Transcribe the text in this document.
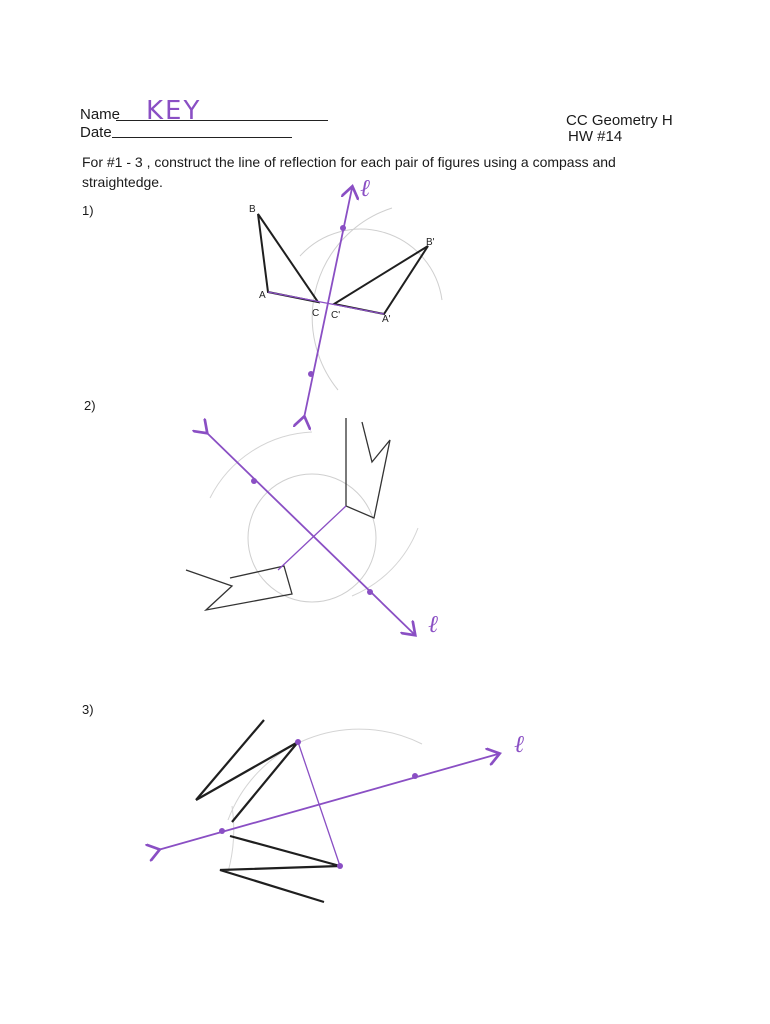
Name KEY
Date
CC Geometry H
HW #14
For #1 - 3 , construct the line of reflection for each pair of figures using a compass and straightedge.
1)
2)
3)
B
A
C C'
B'
A'
ℓ
ℓ
ℓ
